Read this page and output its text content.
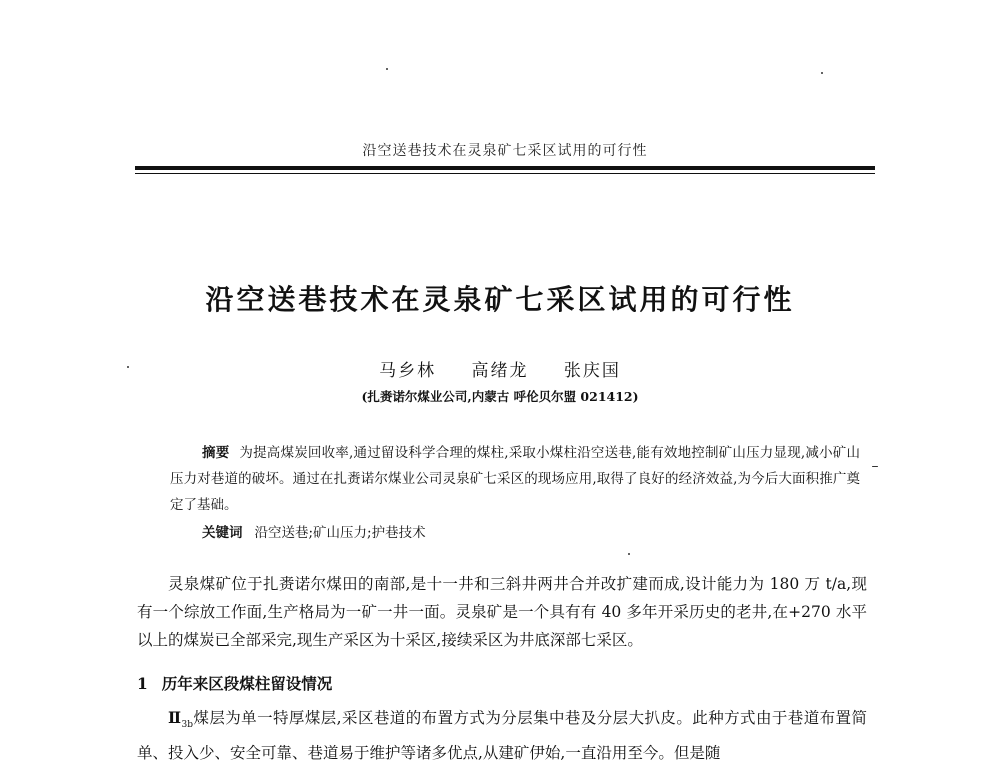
沿空送巷技术在灵泉矿七采区试用的可行性
沿空送巷技术在灵泉矿七采区试用的可行性
马乡林 高绪龙 张庆国
(扎赉诺尔煤业公司,内蒙古 呼伦贝尔盟 021412)
摘要 为提高煤炭回收率,通过留设科学合理的煤柱,采取小煤柱沿空送巷,能有效地控制矿山压力显现,减小矿山压力对巷道的破坏。通过在扎赉诺尔煤业公司灵泉矿七采区的现场应用,取得了良好的经济效益,为今后大面积推广奠定了基础。
关键词 沿空送巷;矿山压力;护巷技术
灵泉煤矿位于扎赉诺尔煤田的南部,是十一井和三斜井两井合并改扩建而成,设计能力为 180 万 t/a,现有一个综放工作面,生产格局为一矿一井一面。灵泉矿是一个具有有 40 多年开采历史的老井,在+270 水平以上的煤炭已全部采完,现生产采区为十采区,接续采区为井底深部七采区。
1 历年来区段煤柱留设情况
$Ⅱ_{3b}$煤层为单一特厚煤层,采区巷道的布置方式为分层集中巷及分层大扒皮。此种方式由于巷道布置简单、投入少、安全可靠、巷道易于维护等诸多优点,从建矿伊始,一直沿用至今。但是随
